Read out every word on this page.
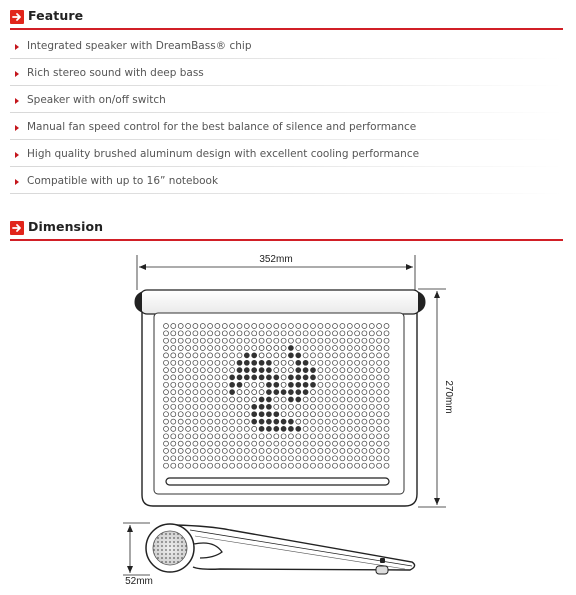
Feature
Integrated speaker with DreamBass® chip
Rich stereo sound with deep bass
Speaker with on/off switch
Manual fan speed control for the best balance of silence and performance
High quality brushed aluminum design with excellent cooling performance
Compatible with up to 16” notebook
Dimension
352mm
270mm
52mm
